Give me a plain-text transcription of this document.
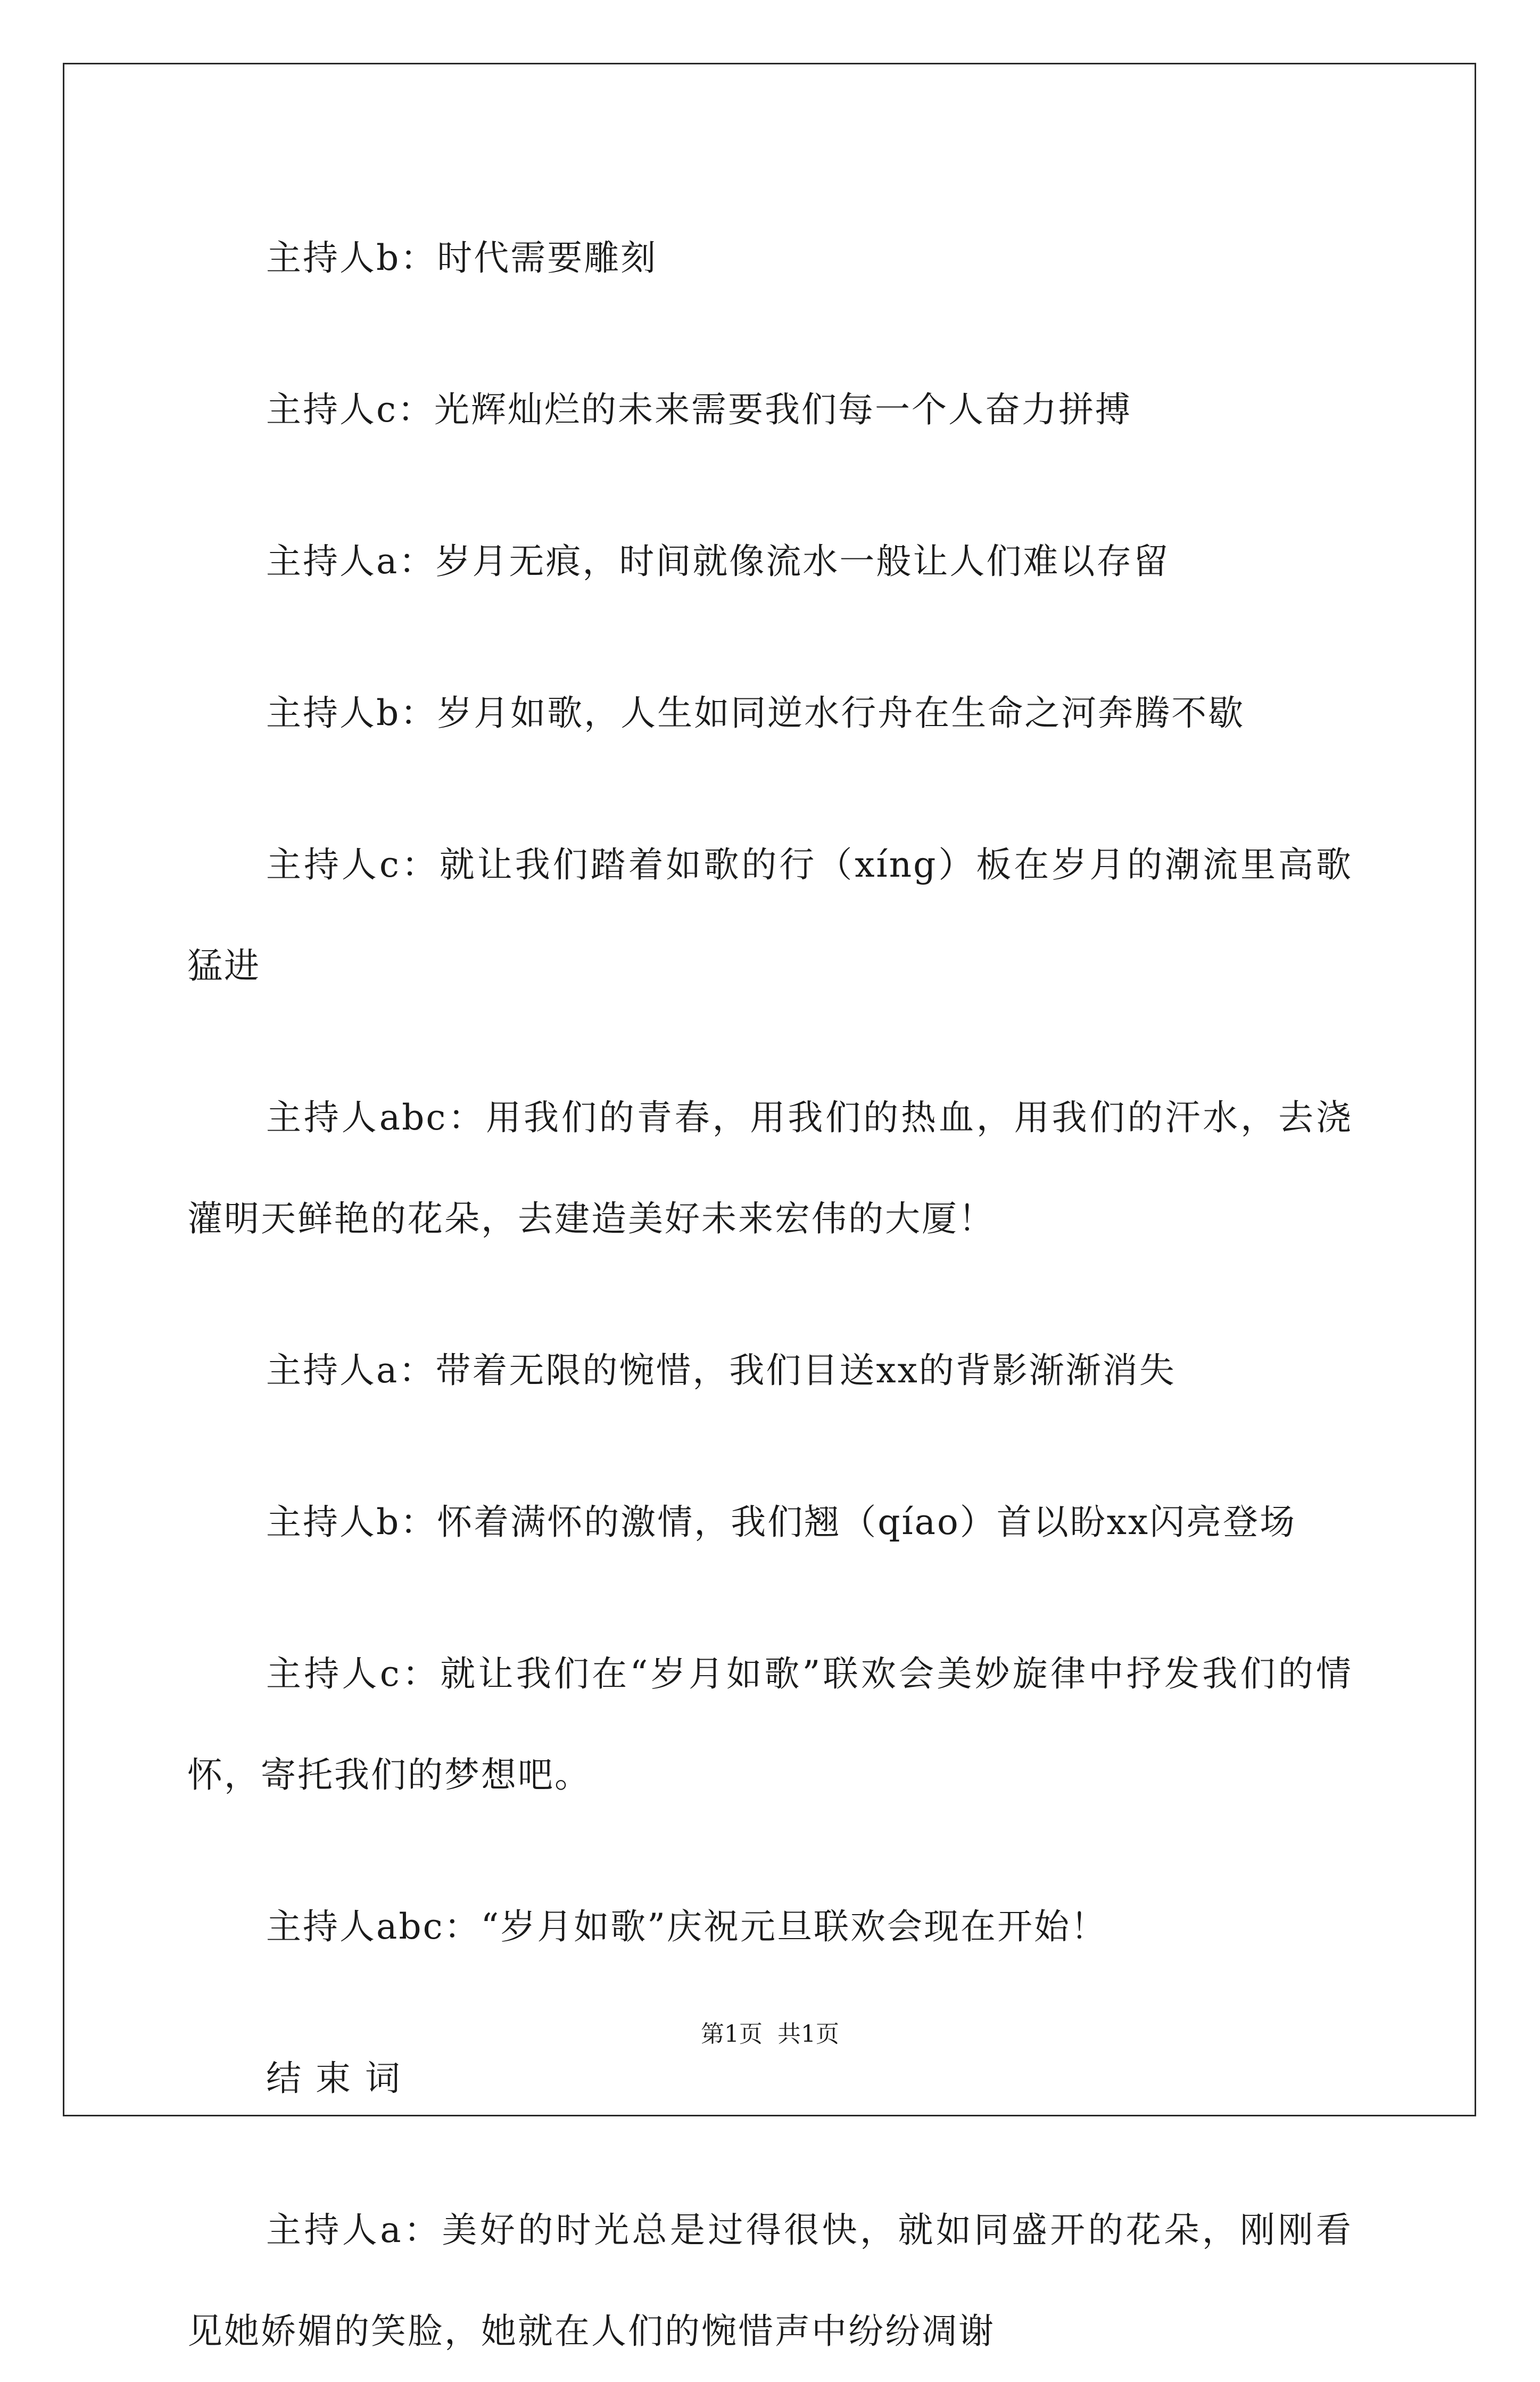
主持人b：时代需要雕刻

主持人c：光辉灿烂的未来需要我们每一个人奋力拼搏

主持人a：岁月无痕，时间就像流水一般让人们难以存留

主持人b：岁月如歌，人生如同逆水行舟在生命之河奔腾不歇

主持人c：就让我们踏着如歌的行（xíng）板在岁月的潮流里高歌猛进

主持人abc：用我们的青春，用我们的热血，用我们的汗水，去浇灌明天鲜艳的花朵，去建造美好未来宏伟的大厦！

主持人a：带着无限的惋惜，我们目送xx的背影渐渐消失

主持人b：怀着满怀的激情，我们翘（qíao）首以盼xx闪亮登场

主持人c：就让我们在“岁月如歌”联欢会美妙旋律中抒发我们的情怀，寄托我们的梦想吧。

主持人abc：“岁月如歌”庆祝元旦联欢会现在开始！

结 束 词

主持人a：美好的时光总是过得很快，就如同盛开的花朵，刚刚看见她娇媚的笑脸，她就在人们的惋惜声中纷纷凋谢

第1页  共1页
